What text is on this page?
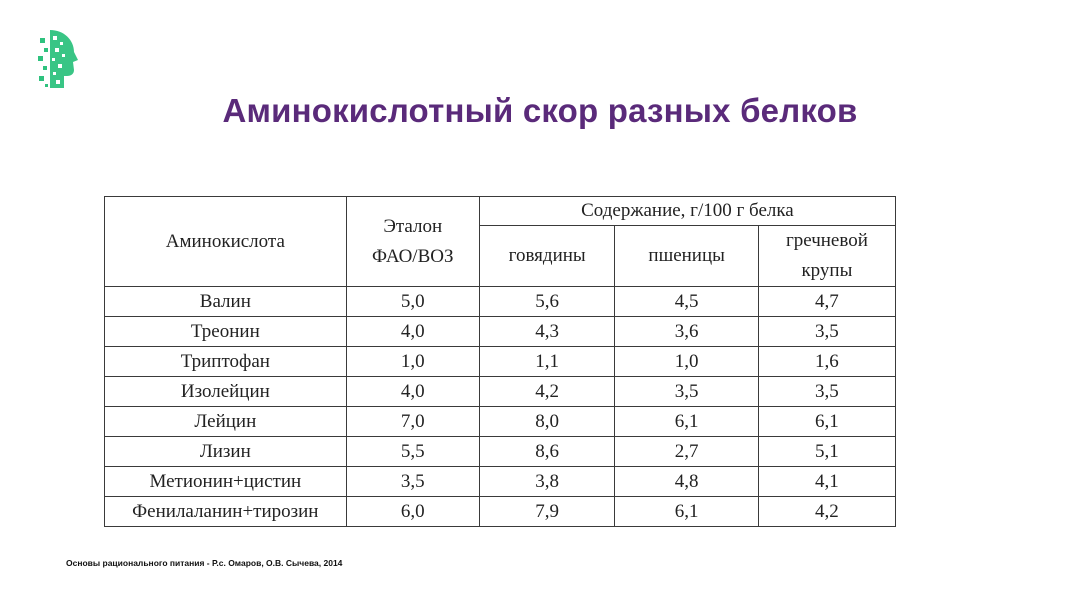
Аминокислотный скор разных белков
Аминокислота	Эталон ФАО/ВОЗ	Содержание, г/100 г белка		
		говядины	пшеницы	гречневой крупы
Валин	5,0	5,6	4,5	4,7
Треонин	4,0	4,3	3,6	3,5
Триптофан	1,0	1,1	1,0	1,6
Изолейцин	4,0	4,2	3,5	3,5
Лейцин	7,0	8,0	6,1	6,1
Лизин	5,5	8,6	2,7	5,1
Метионин+цистин	3,5	3,8	4,8	4,1
Фенилаланин+тирозин	6,0	7,9	6,1	4,2
Основы рационального питания - Р.с. Омаров, О.В. Сычева, 2014
